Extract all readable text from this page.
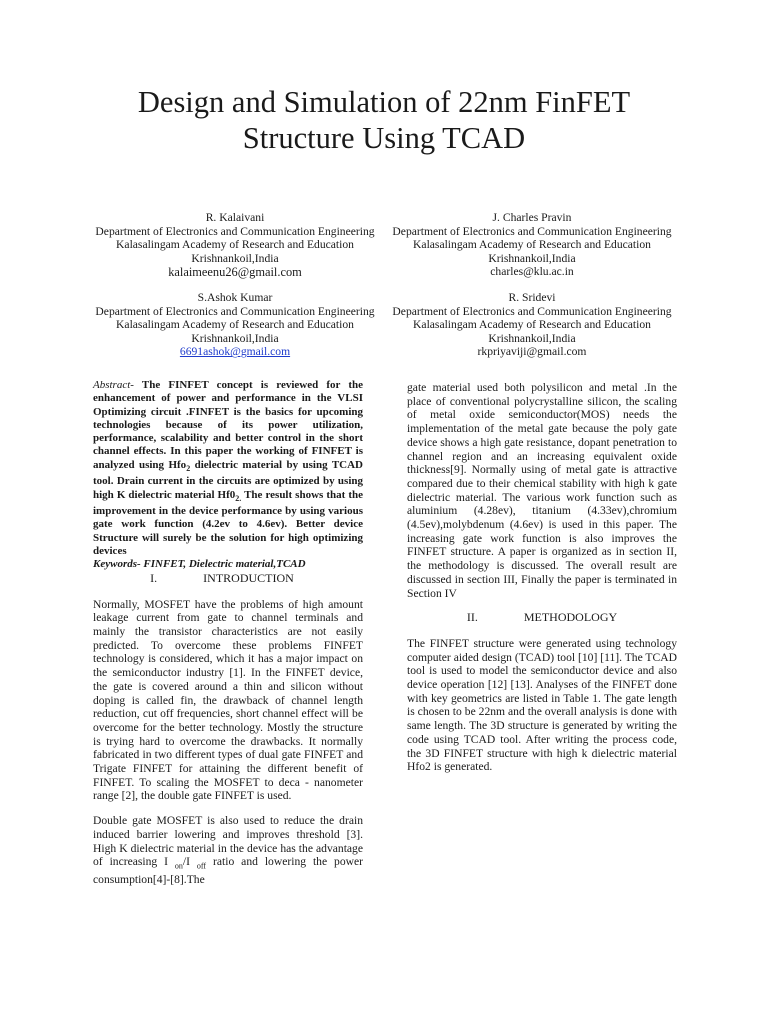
Design and Simulation of 22nm FinFET
Structure Using TCAD
R. Kalaivani
Department of Electronics and Communication Engineering
Kalasalingam Academy of Research and Education
Krishnankoil,India
kalaimeenu26@gmail.com
J. Charles Pravin
Department of Electronics and Communication Engineering
Kalasalingam Academy of Research and Education
Krishnankoil,India
charles@klu.ac.in
S.Ashok Kumar
Department of Electronics and Communication Engineering
Kalasalingam Academy of Research and Education
Krishnankoil,India
6691ashok@gmail.com
R. Sridevi
Department of Electronics and Communication Engineering
Kalasalingam Academy of Research and Education
Krishnankoil,India
rkpriyaviji@gmail.com

Abstract- The FINFET concept is reviewed for the enhancement of power and performance in the VLSI Optimizing circuit .FINFET is the basics for upcoming technologies because of its power utilization, performance, scalability and better control in the short channel effects. In this paper the working of FINFET is analyzed using Hfo$_2$ dielectric material by using TCAD tool. Drain current in the circuits are optimized by using high K dielectric material $Hf0_{2.}$ The result shows that the improvement in the device performance by using various gate work function (4.2ev to 4.6ev). Better device Structure will surely be the solution for high optimizing devices

Keywords- FINFET, Dielectric material,TCAD

I.	INTRODUCTION

Normally, MOSFET have the problems of high amount leakage current from gate to channel terminals and mainly the transistor characteristics are not easily predicted. To overcome these problems FINFET technology is considered, which it has a major impact on the semiconductor industry [1]. In the FINFET device, the gate is covered around a thin and silicon without doping is called fin, the drawback of channel length reduction, cut off frequencies, short channel effect will be overcome for the better technology. Mostly the structure is trying hard to overcome the drawbacks. It normally fabricated in two different types of dual gate FINFET and Trigate FINFET for attaining the different benefit of FINFET. To scaling the MOSFET to deca - nanometer range [2], the double gate FINFET is used.

Double gate MOSFET is also used to reduce the drain induced barrier lowering and improves threshold [3]. High K dielectric material in the device has the advantage of increasing I $_{on}$/I $_{off}$ ratio and lowering the power consumption[4]-[8].The

gate material used both polysilicon and metal .In the place of conventional polycrystalline silicon, the scaling of metal oxide semiconductor(MOS) needs the implementation of the metal gate because the poly gate device shows a high gate resistance, dopant penetration to channel region and an increasing equivalent oxide thickness[9]. Normally using of metal gate is attractive compared due to their chemical stability with high k gate dielectric material. The various work function such as aluminium (4.28ev), titanium (4.33ev),chromium (4.5ev),molybdenum (4.6ev) is used in this paper. The increasing gate work function is also improves the FINFET structure. A paper is organized as in section II, the methodology is discussed. The overall result are discussed in section III, Finally the paper is terminated in Section IV

II.	METHODOLOGY

The FINFET structure were generated using technology computer aided design (TCAD) tool [10] [11]. The TCAD tool is used to model the semiconductor device and also device operation [12] [13]. Analyses of the FINFET done with key geometrics are listed in Table 1. The gate length is chosen to be 22nm and the overall analysis is done with same length. The 3D structure is generated by writing the code using TCAD tool. After writing the process code, the 3D FINFET structure with high k dielectric material Hfo2 is generated.
